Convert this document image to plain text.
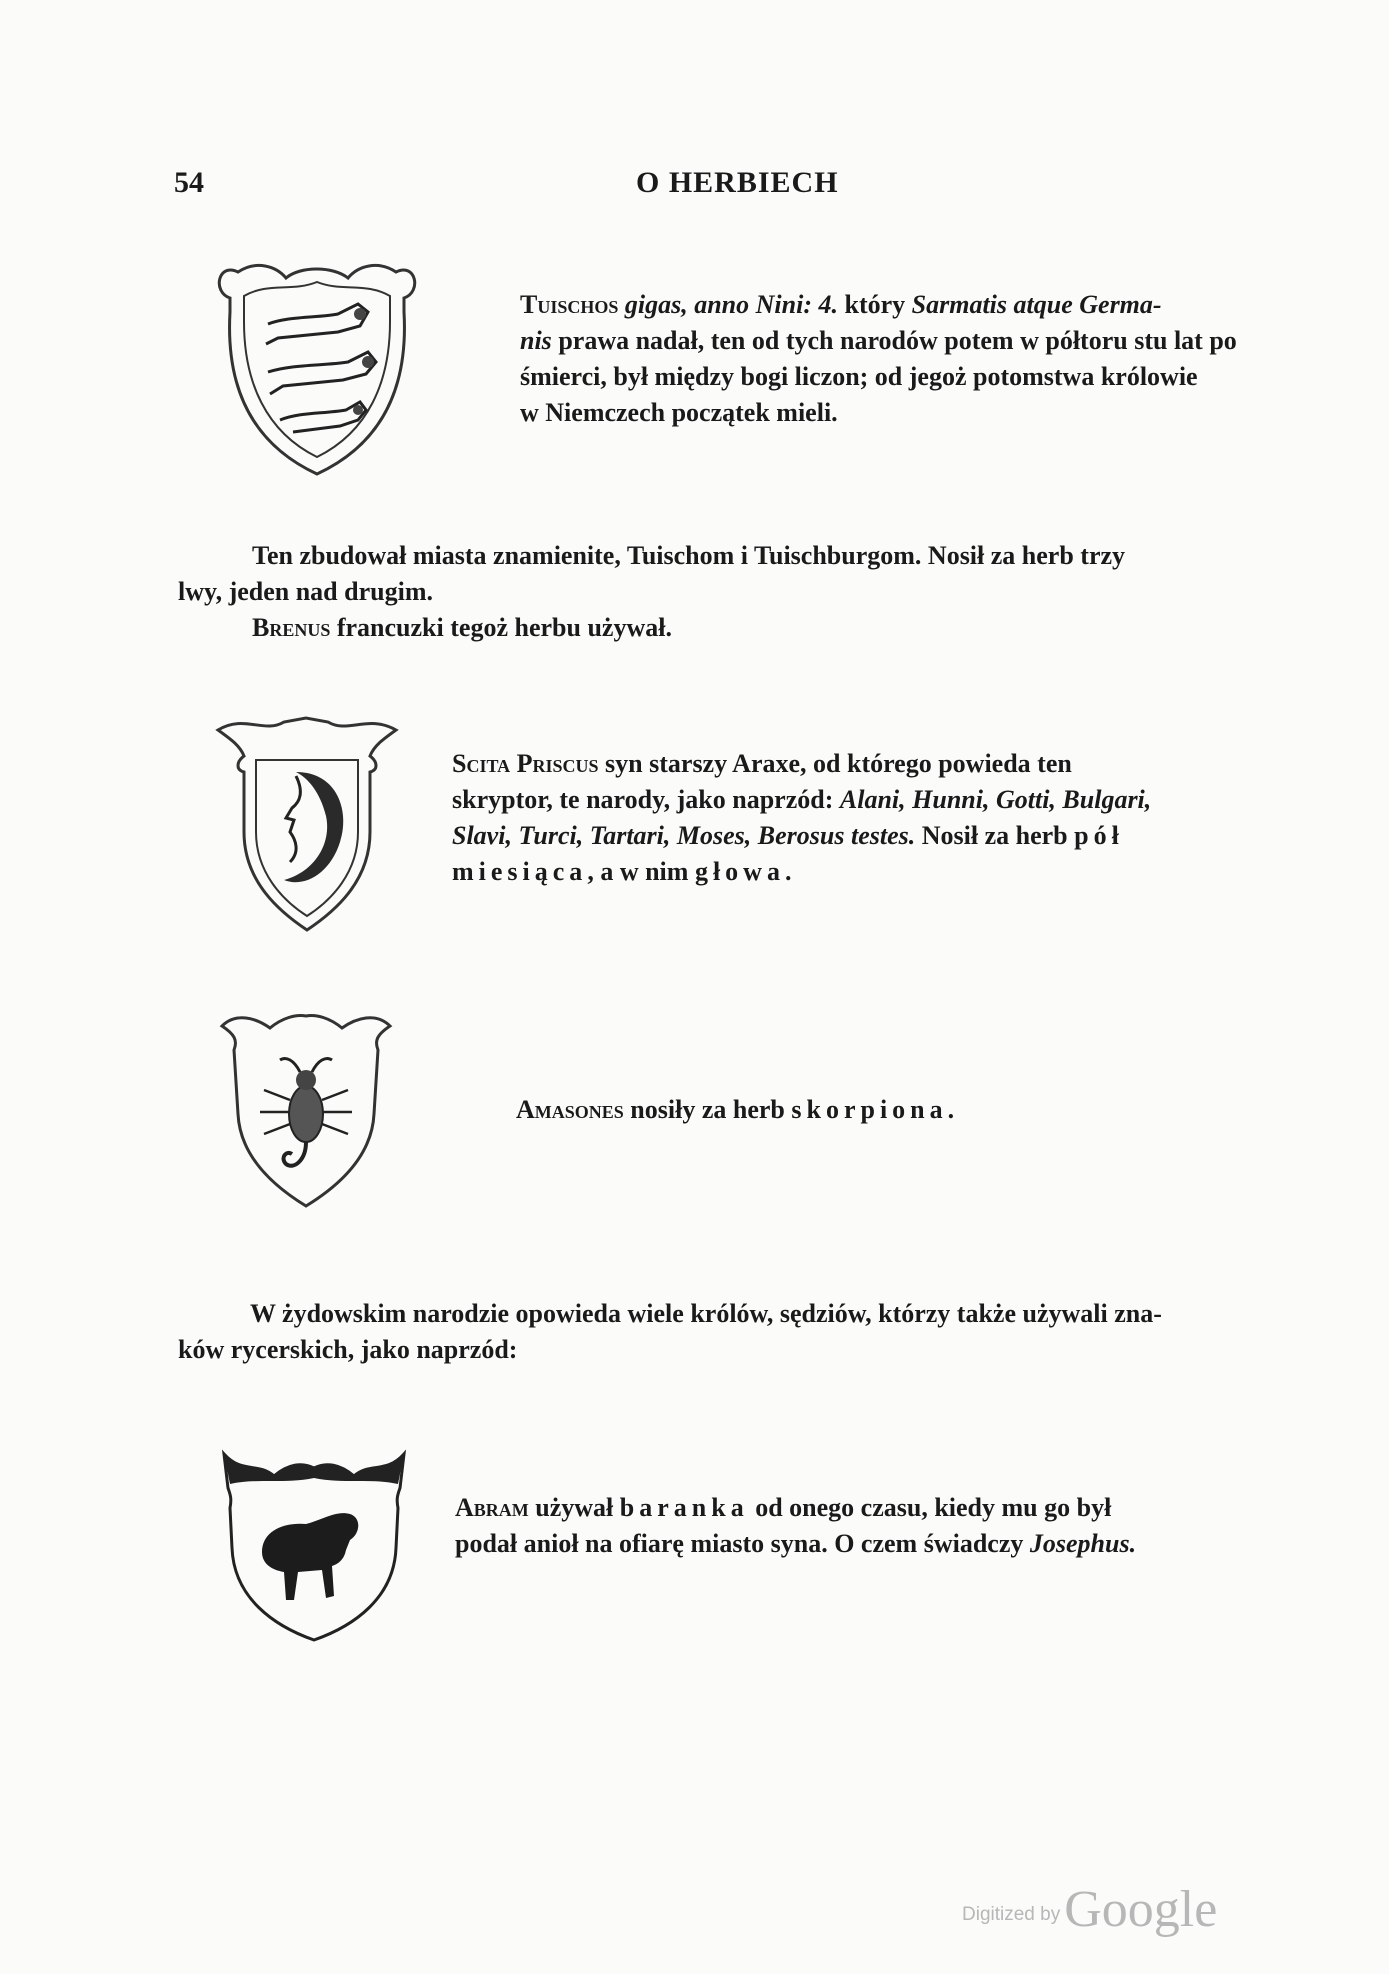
54	O HERBIECH
Tuischos gigas, anno Nini: 4. który Sarmatis atque Germa-
nis prawa nadał, ten od tych narodów potem w półtoru stu lat po
śmierci, był między bogi liczon; od jegoż potomstwa królowie
w Niemczech początek mieli.
Ten zbudował miasta znamienite, Tuischom i Tuischburgom. Nosił za herb trzy
lwy, jeden nad drugim.
Brenus francuzki tegoż herbu używał.
Scita Priscus syn starszy Araxe, od którego powieda ten
skryptor, te narody, jako naprzód: Alani, Hunni, Gotti, Bulgari,
Slavi, Turci, Tartari, Moses, Berosus testes. Nosił za herb pół
miesiąca, a w nim głowa.
Amasones nosiły za herb skorpiona.
W żydowskim narodzie opowieda wiele królów, sędziów, którzy także używali zna-
ków rycerskich, jako naprzód:
Abram używał baranka od onego czasu, kiedy mu go był
podał anioł na ofiarę miasto syna. O czem świadczy Josephus.
Digitized byGoogle
